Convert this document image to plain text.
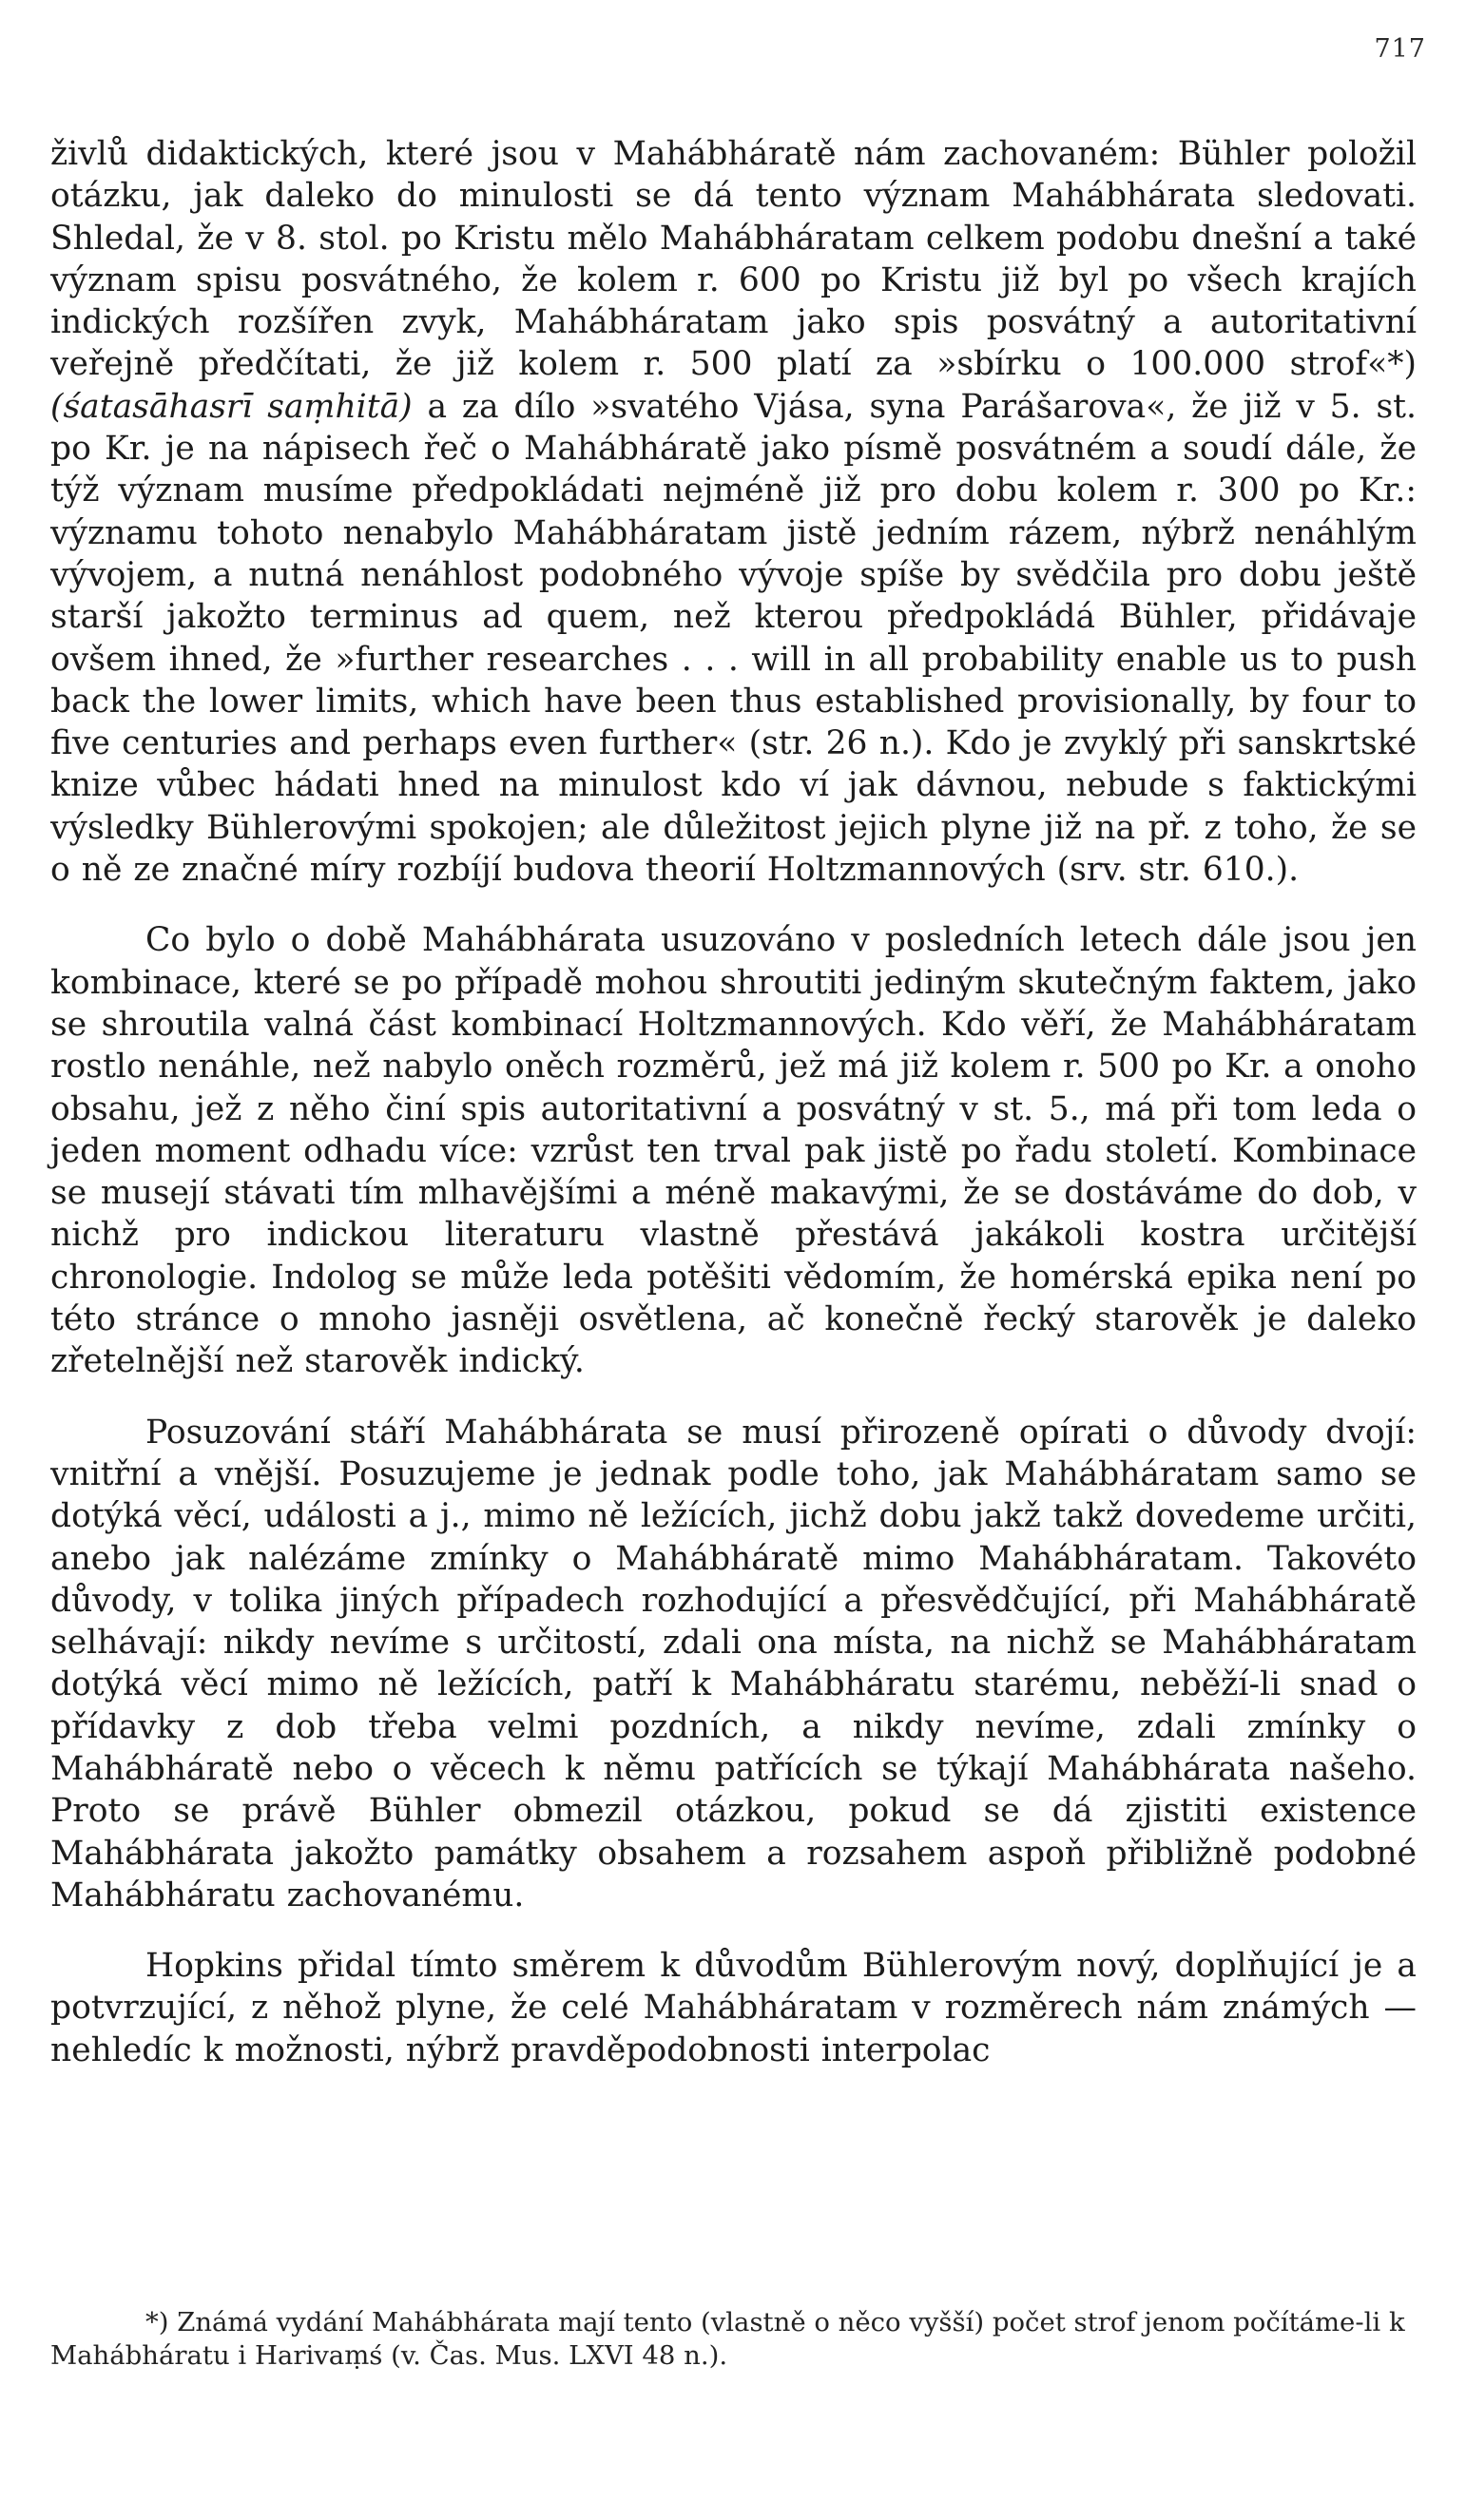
717

živlů didaktických, které jsou v Mahábháratě nám zachovaném: Bühler položil otázku, jak daleko do minulosti se dá tento význam Mahábhárata sledovati. Shledal, že v 8. stol. po Kristu mělo Mahábháratam celkem podobu dnešní a také význam spisu posvátného, že kolem r. 600 po Kristu již byl po všech krajích indických rozšířen zvyk, Mahábháratam jako spis posvátný a autoritativní veřejně předčítati, že již kolem r. 500 platí za »sbírku o 100.000 strof«*) (śatasāhasrī saṃhitā) a za dílo »svatého Vjása, syna Parášarova«, že již v 5. st. po Kr. je na nápisech řeč o Mahábháratě jako písmě posvátném a soudí dále, že týž význam musíme předpokládati nejméně již pro dobu kolem r. 300 po Kr.: významu tohoto nenabylo Mahábháratam jistě jedním rázem, nýbrž nenáhlým vývojem, a nutná nenáhlost podobného vývoje spíše by svědčila pro dobu ještě starší jakožto terminus ad quem, než kterou předpokládá Bühler, přidávaje ovšem ihned, že »further researches . . . will in all probability enable us to push back the lower limits, which have been thus established provisionally, by four to five centuries and perhaps even further« (str. 26 n.). Kdo je zvyklý při sanskrtské knize vůbec hádati hned na minulost kdo ví jak dávnou, nebude s faktickými výsledky Bühlerovými spokojen; ale důležitost jejich plyne již na př. z toho, že se o ně ze značné míry rozbíjí budova theorií Holtzmannových (srv. str. 610.).

Co bylo o době Mahábhárata usuzováno v posledních letech dále jsou jen kombinace, které se po případě mohou shroutiti jediným skutečným faktem, jako se shroutila valná část kombinací Holtzmannových. Kdo věří, že Mahábháratam rostlo nenáhle, než nabylo oněch rozměrů, jež má již kolem r. 500 po Kr. a onoho obsahu, jež z něho činí spis autoritativní a posvátný v st. 5., má při tom leda o jeden moment odhadu více: vzrůst ten trval pak jistě po řadu století. Kombinace se musejí stávati tím mlhavějšími a méně makavými, že se dostáváme do dob, v nichž pro indickou literaturu vlastně přestává jakákoli kostra určitější chronologie. Indolog se může leda potěšiti vědomím, že homérská epika není po této stránce o mnoho jasněji osvětlena, ač konečně řecký starověk je daleko zřetelnější než starověk indický.

Posuzování stáří Mahábhárata se musí přirozeně opírati o důvody dvojí: vnitřní a vnější. Posuzujeme je jednak podle toho, jak Mahábháratam samo se dotýká věcí, události a j., mimo ně ležících, jichž dobu jakž takž dovedeme určiti, anebo jak nalézáme zmínky o Mahábháratě mimo Mahábháratam. Takovéto důvody, v tolika jiných případech rozhodující a přesvědčující, při Mahábháratě selhávají: nikdy nevíme s určitostí, zdali ona místa, na nichž se Mahábháratam dotýká věcí mimo ně ležících, patří k Mahábháratu starému, neběží-li snad o přídavky z dob třeba velmi pozdních, a nikdy nevíme, zdali zmínky o Mahábháratě nebo o věcech k němu patřících se týkají Mahábhárata našeho. Proto se právě Bühler obmezil otázkou, pokud se dá zjistiti existence Mahábhárata jakožto památky obsahem a rozsahem aspoň přibližně podobné Mahábháratu zachovanému.

Hopkins přidal tímto směrem k důvodům Bühlerovým nový, doplňující je a potvrzující, z něhož plyne, že celé Mahábháratam v rozměrech nám známých — nehledíc k možnosti, nýbrž pravděpodobnosti interpolac

*) Známá vydání Mahábhárata mají tento (vlastně o něco vyšší) počet strof jenom počítáme-li k Mahábháratu i Harivaṃś (v. Čas. Mus. LXVI 48 n.).
